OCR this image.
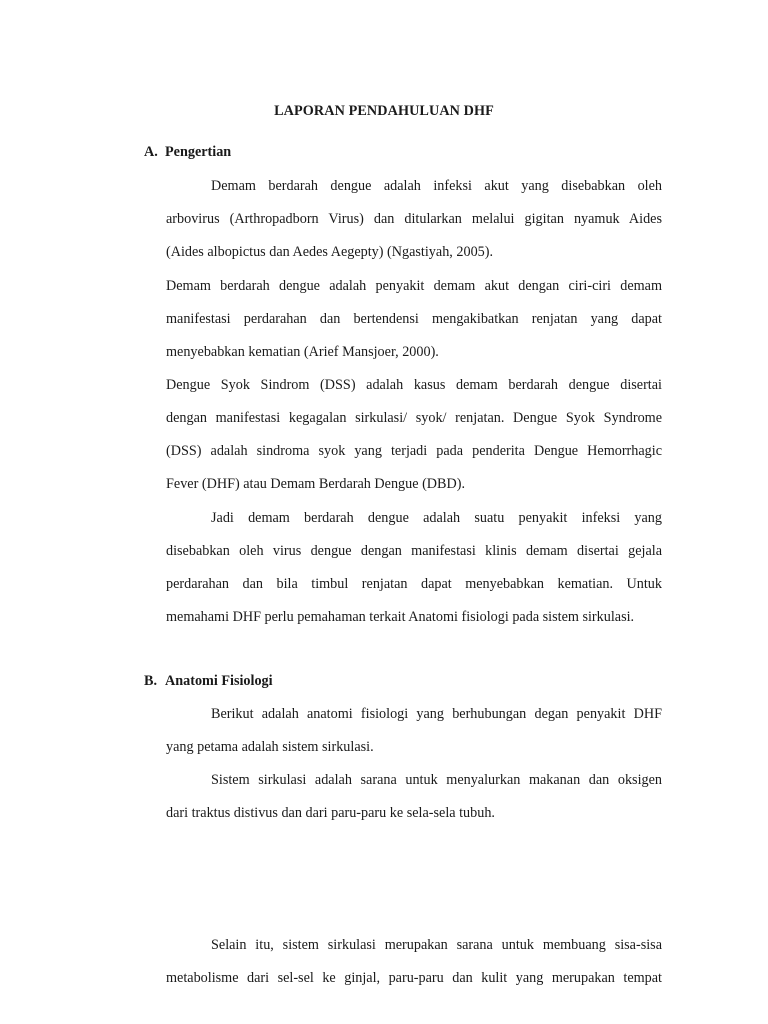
LAPORAN PENDAHULUAN DHF
A. Pengertian
Demam berdarah dengue adalah infeksi akut yang disebabkan oleh
arbovirus (Arthropadborn Virus) dan ditularkan melalui gigitan nyamuk Aides
(Aides albopictus dan Aedes Aegepty) (Ngastiyah, 2005).
Demam berdarah dengue adalah penyakit demam akut dengan ciri-ciri demam
manifestasi perdarahan dan bertendensi mengakibatkan renjatan yang dapat
menyebabkan kematian (Arief Mansjoer, 2000).
Dengue Syok Sindrom (DSS) adalah kasus demam berdarah dengue disertai
dengan manifestasi kegagalan sirkulasi/ syok/ renjatan. Dengue Syok Syndrome
(DSS) adalah sindroma syok yang terjadi pada penderita Dengue Hemorrhagic
Fever (DHF) atau Demam Berdarah Dengue (DBD).
Jadi demam berdarah dengue adalah suatu penyakit infeksi yang
disebabkan oleh virus dengue dengan manifestasi klinis demam disertai gejala
perdarahan dan bila timbul renjatan dapat menyebabkan kematian. Untuk
memahami DHF perlu pemahaman terkait Anatomi fisiologi pada sistem sirkulasi.
B. Anatomi Fisiologi
Berikut adalah anatomi fisiologi yang berhubungan degan penyakit DHF
yang petama adalah sistem sirkulasi.
Sistem sirkulasi adalah sarana untuk menyalurkan makanan dan oksigen
dari traktus distivus dan dari paru-paru ke sela-sela tubuh.
Selain itu, sistem sirkulasi merupakan sarana untuk membuang sisa-sisa
metabolisme dari sel-sel ke ginjal, paru-paru dan kulit yang merupakan tempat
